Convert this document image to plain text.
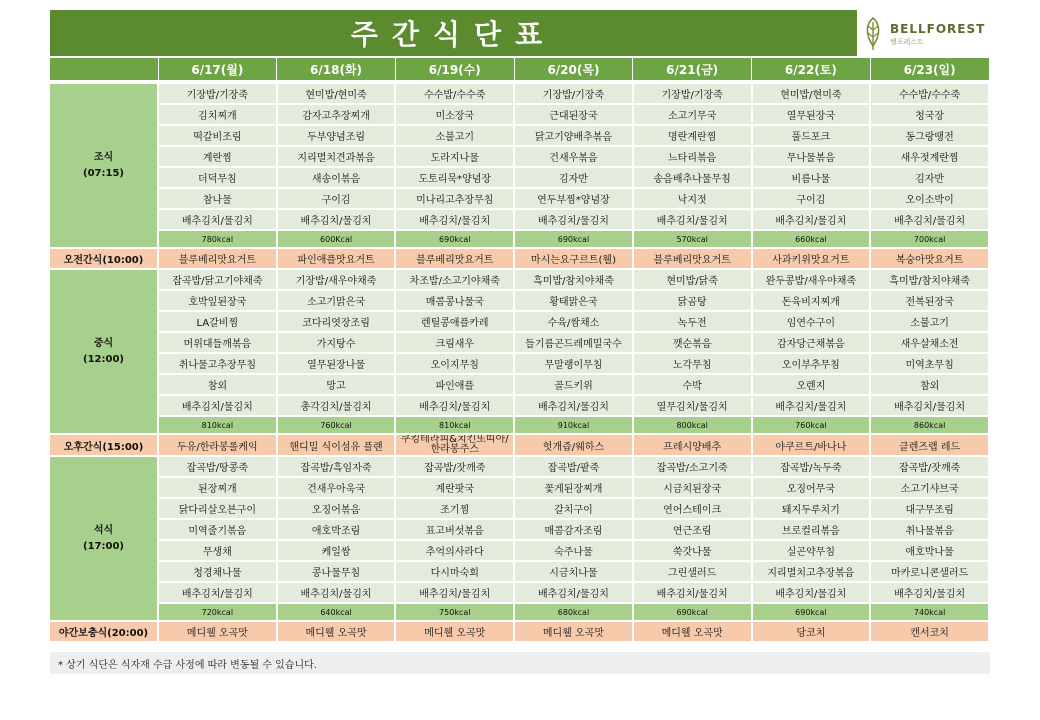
주간식단표	BELLFOREST
벨포레스트
	6/17(월)	6/18(화)	6/19(수)	6/20(목)	6/21(금)	6/22(토)	6/23(일)

조식
(07:15)	기장밥/기장죽	현미밥/현미죽	수수밥/수수죽	기장밥/기장죽	기장밥/기장죽	현미밥/현미죽	수수밥/수수죽
	김치찌개	감자고추장찌개	미소장국	근대된장국	소고기무국	열무된장국	청국장
	떡갈비조림	두부양념조림	소불고기	닭고기양배추볶음	명란계란찜	풀드포크	동그랑땡전
	계란찜	지리멸치견과볶음	도라지나물	건새우볶음	느타리볶음	무나물볶음	새우젓계란찜
	더덕무침	새송이볶음	도토리묵*양념장	김자반	송음배추나물무침	비름나물	김자반
	참나물	구이김	미나리고추장무침	연두부찜*양념장	낙지젓	구이김	오이소박이
	배추김치/물김치	배추김치/물김치	배추김치/물김치	배추김치/물김치	배추김치/물김치	배추김치/물김치	배추김치/물김치
	780kcal	600Kcal	690kcal	690kcal	570kcal	660kcal	700kcal
오전간식(10:00)	블루베리맛요거트	파인애플맛요거트	블루베리맛요거트	마시는요구르트(웰)	블루베리맛요거트	사과키위맛요거트	복숭아맛요거트

중식
(12:00)	잡곡밥/닭고기야채죽	기장밥/새우야채죽	차조밥/소고기야채죽	흑미밥/참치야채죽	현미밥/닭죽	완두콩밥/새우야채죽	흑미밥/참치야채죽
	호박잎된장국	소고기맑은국	매콤콩나물국	황태맑은국	닭곰탕	돈육비지찌개	전복된장국
	LA갈비찜	코다리엿장조림	렌틸콩애플카레	수육/쌈채소	녹두전	임연수구이	소불고기
	머위대들깨볶음	가지탕수	크림새우	들기름곤드레메밀국수	깻순볶음	감자당근채볶음	새우살채소전
	취나물고추장무침	열무된장나물	오이지무침	무말랭이무침	노각무침	오이부추무침	미역초무침
	참외	망고	파인애플	골드키위	수박	오렌지	참외
	배추김치/물김치	총각김치/물김치	배추김치/물김치	배추김치/물김치	열무김치/물김치	배추김치/물김치	배추김치/물김치
	810kcal	760kcal	810kcal	910kcal	800kcal	760kcal	860kcal
오후간식(15:00)	두유/한라봉롤케익	핸디밀 식이섬유 플랜	쿠킹테라피&치킨또띠아/한라봉주스	헛개즙/웨하스	프레시양배추	야쿠르트/바나나	클렌즈랩 레드

석식
(17:00)	잡곡밥/땅콩죽	잡곡밥/흑임자죽	잡곡밥/잣깨죽	잡곡밥/팥죽	잡곡밥/소고기죽	잡곡밥/녹두죽	잡곡밥/잣깨죽
	된장찌개	건새우아욱국	계란팟국	꽃게된장찌개	시금치된장국	오징어무국	소고기샤브국
	닭다리살오븐구이	오징어볶음	조기찜	갈치구이	연어스테이크	돼지두루치기	대구무조림
	미역줄기볶음	애호박조림	표고버섯볶음	매콤감자조림	연근조림	브로컬리볶음	취나물볶음
	무생채	케일쌈	추억의사라다	숙주나물	쑥갓나물	실곤약무침	애호박나물
	청경채나물	콩나물무침	다시마숙회	시금치나물	그린샐러드	지리멸치고추장볶음	마카로니콘샐러드
	배추김치/물김치	배추김치/물김치	배추김치/물김치	배추김치/물김치	배추김치/물김치	배추김치/물김치	배추김치/물김치
	720kcal	640kcal	750kcal	680kcal	690kcal	690kcal	740kcal
야간보충식(20:00)	메디웰 오곡맛	메디웰 오곡맛	메디웰 오곡맛	메디웰 오곡맛	메디웰 오곡맛	당코치	캔서코치
* 상기 식단은 식자재 수급 사정에 따라 변동될 수 있습니다.
